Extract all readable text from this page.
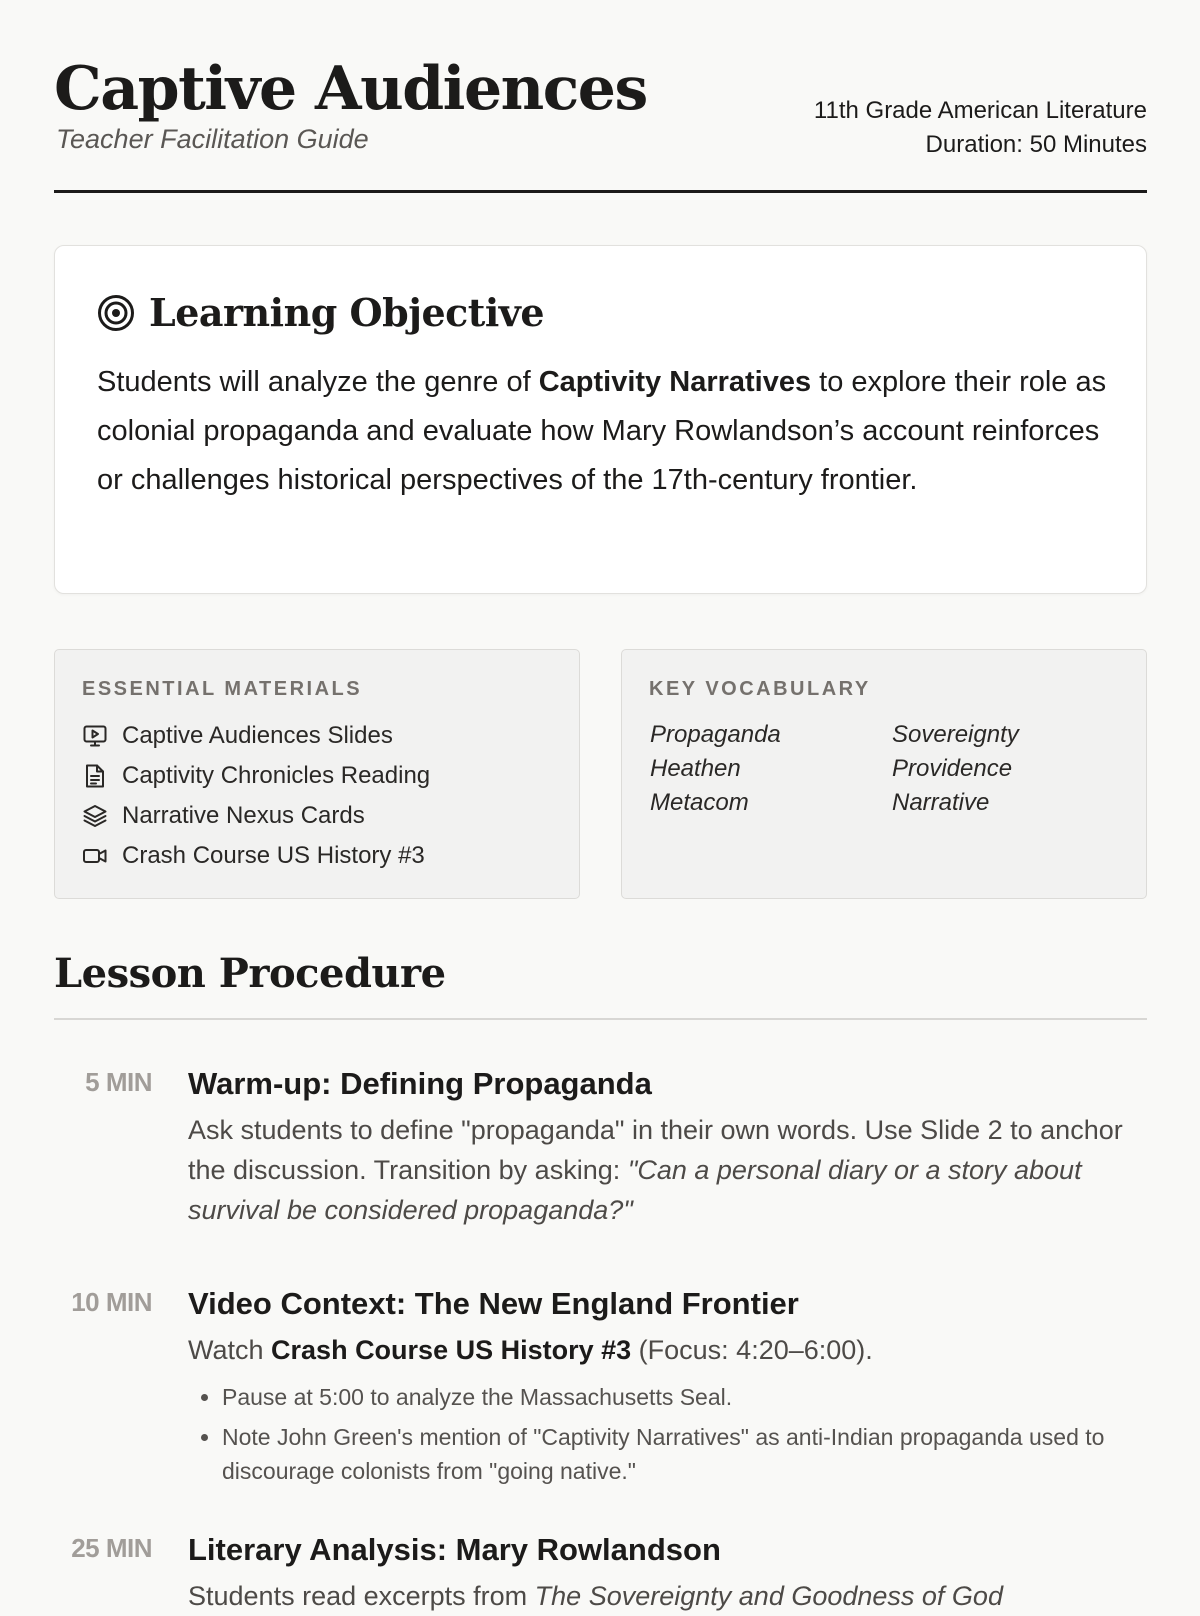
Captive Audiences
Teacher Facilitation Guide
11th Grade American Literature
Duration: 50 Minutes
Learning Objective

Students will analyze the genre of Captivity Narratives to explore their role as colonial propaganda and evaluate how Mary Rowlandson’s account reinforces or challenges historical perspectives of the 17th-century frontier.

ESSENTIAL MATERIALS
Captive Audiences Slides
Captivity Chronicles Reading
Narrative Nexus Cards
Crash Course US History #3
KEY VOCABULARY
Propaganda	Sovereignty
Heathen	Providence
Metacom	Narrative
Lesson Procedure
5 MIN Warm-up: Defining Propaganda

Ask students to define "propaganda" in their own words. Use Slide 2 to anchor the discussion. Transition by asking: "Can a personal diary or a story about survival be considered propaganda?"

10 MIN Video Context: The New England Frontier

Watch Crash Course US History #3 (Focus: 4:20–6:00).

• Pause at 5:00 to analyze the Massachusetts Seal.
• Note John Green's mention of "Captivity Narratives" as anti-Indian propaganda used to discourage colonists from "going native."
25 MIN Literary Analysis: Mary Rowlandson

Students read excerpts from The Sovereignty and Goodness of God
